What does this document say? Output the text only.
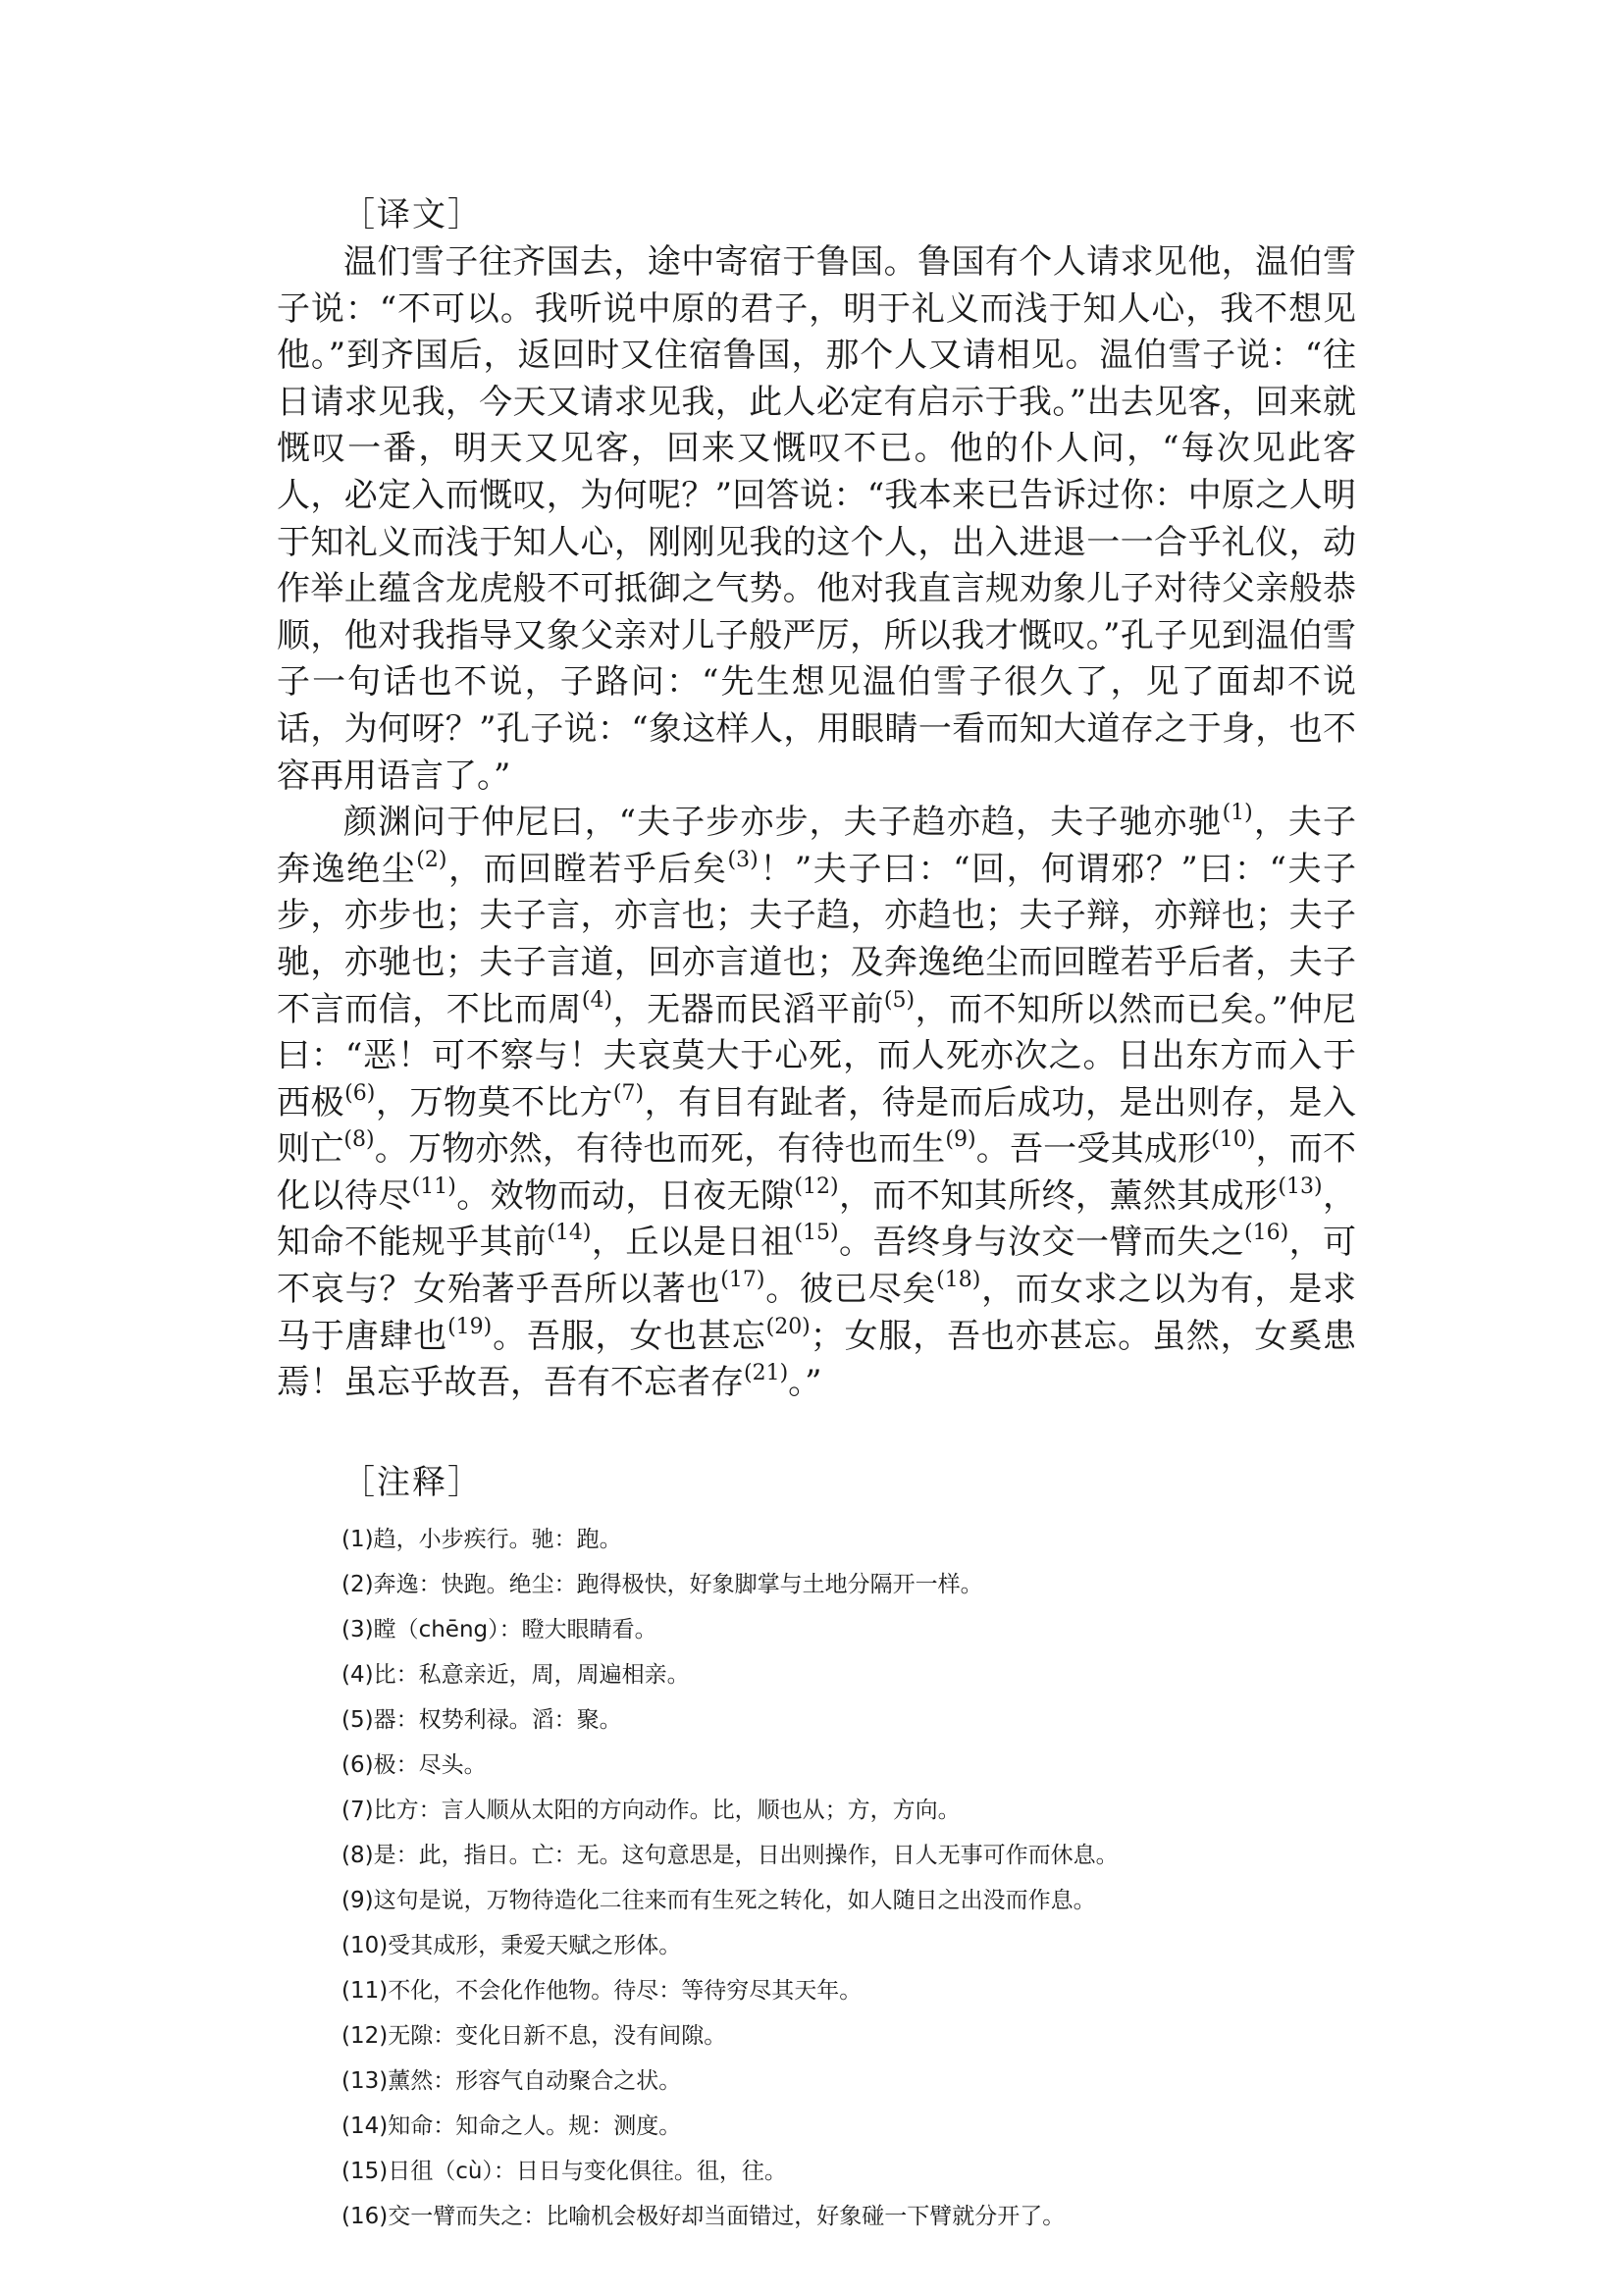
［译文］

温们雪子往齐国去，途中寄宿于鲁国。鲁国有个人请求见他，温伯雪子说：“不可以。我听说中原的君子，明于礼义而浅于知人心，我不想见他。”到齐国后，返回时又住宿鲁国，那个人又请相见。温伯雪子说：“往日请求见我，今天又请求见我，此人必定有启示于我。”出去见客，回来就慨叹一番，明天又见客，回来又慨叹不已。他的仆人问，“每次见此客人，必定入而慨叹，为何呢？”回答说：“我本来已告诉过你：中原之人明于知礼义而浅于知人心，刚刚见我的这个人，出入进退一一合乎礼仪，动作举止蕴含龙虎般不可抵御之气势。他对我直言规劝象儿子对待父亲般恭顺，他对我指导又象父亲对儿子般严厉，所以我才慨叹。”孔子见到温伯雪子一句话也不说，子路问：“先生想见温伯雪子很久了，见了面却不说话，为何呀？”孔子说：“象这样人，用眼睛一看而知大道存之于身，也不容再用语言了。”

颜渊问于仲尼曰，“夫子步亦步，夫子趋亦趋，夫子驰亦驰$^{(1)}$，夫子奔逸绝尘$^{(2)}$，而回瞠若乎后矣$^{(3)}$！”夫子曰：“回，何谓邪？”曰：“夫子步，亦步也；夫子言，亦言也；夫子趋，亦趋也；夫子辩，亦辩也；夫子驰，亦驰也；夫子言道，回亦言道也；及奔逸绝尘而回瞠若乎后者，夫子不言而信，不比而周$^{(4)}$，无器而民滔平前$^{(5)}$，而不知所以然而已矣。”仲尼曰：“恶！可不察与！夫哀莫大于心死，而人死亦次之。日出东方而入于西极$^{(6)}$，万物莫不比方$^{(7)}$，有目有趾者，待是而后成功，是出则存，是入则亡$^{(8)}$。万物亦然，有待也而死，有待也而生$^{(9)}$。吾一受其成形$^{(10)}$，而不化以待尽$^{(11)}$。效物而动，日夜无隙$^{(12)}$，而不知其所终，薰然其成形$^{(13)}$，知命不能规乎其前$^{(14)}$，丘以是日祖$^{(15)}$。吾终身与汝交一臂而失之$^{(16)}$，可不哀与？女殆著乎吾所以著也$^{(17)}$。彼已尽矣$^{(18)}$，而女求之以为有，是求马于唐肆也$^{(19)}$。吾服，女也甚忘$^{(20)}$；女服，吾也亦甚忘。虽然，女奚患焉！虽忘乎故吾，吾有不忘者存$^{(21)}$。”

［注释］
(1)趋，小步疾行。驰：跑。
(2)奔逸：快跑。绝尘：跑得极快，好象脚掌与土地分隔开一样。
(3)瞠（chēng）：瞪大眼睛看。
(4)比：私意亲近，周，周遍相亲。
(5)器：权势利禄。滔：聚。
(6)极：尽头。
(7)比方：言人顺从太阳的方向动作。比，顺也从；方，方向。
(8)是：此，指日。亡：无。这句意思是，日出则操作，日人无事可作而休息。
(9)这句是说，万物待造化二往来而有生死之转化，如人随日之出没而作息。
(10)受其成形，秉爱天赋之形体。
(11)不化，不会化作他物。待尽：等待穷尽其天年。
(12)无隙：变化日新不息，没有间隙。
(13)薰然：形容气自动聚合之状。
(14)知命：知命之人。规：测度。
(15)日徂（cù）：日日与变化俱往。徂，往。
(16)交一臂而失之：比喻机会极好却当面错过，好象碰一下臂就分开了。
